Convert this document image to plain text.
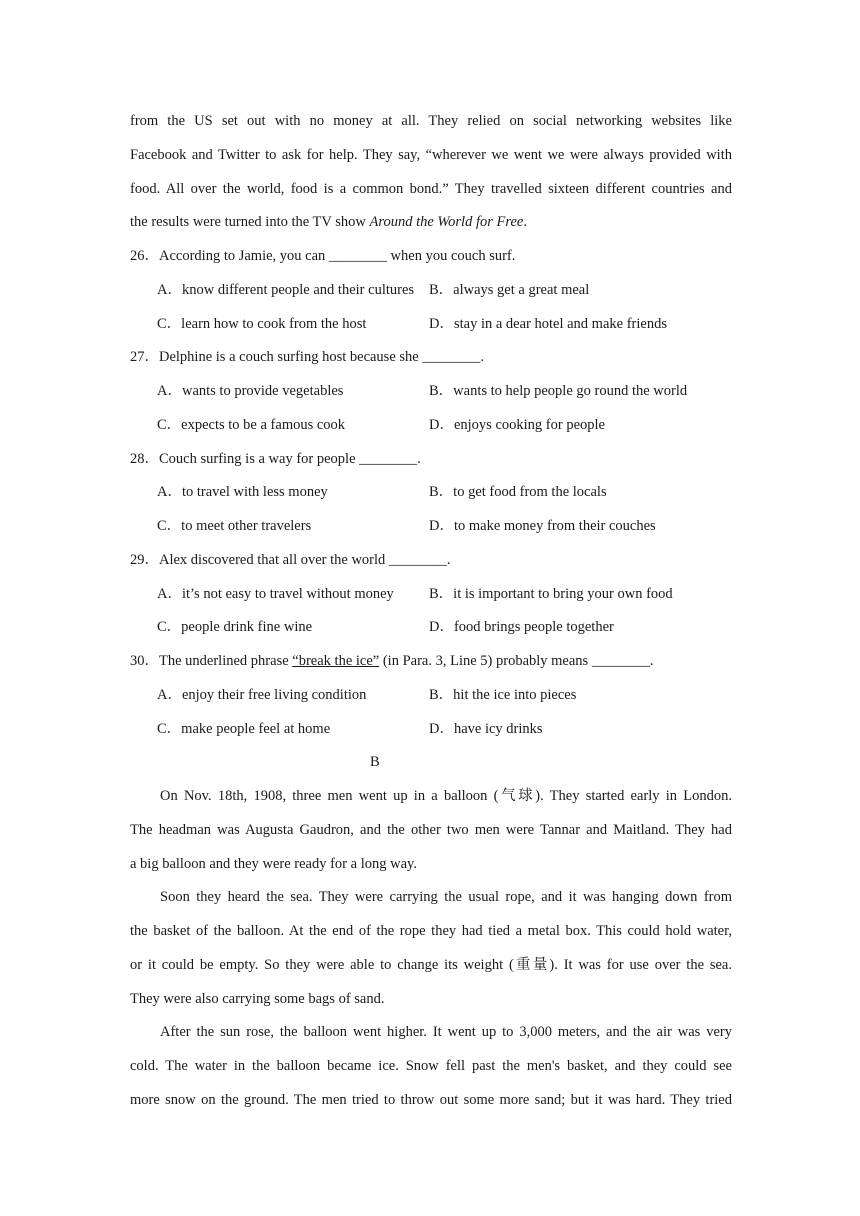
from the US set out with no money at all. They relied on social networking websites like
Facebook and Twitter to ask for help. They say, “wherever we went we were always provided with
food. All over the world, food is a common bond.” They travelled sixteen different countries and
the results were turned into the TV show Around the World for Free.
26．According to Jamie, you can ________ when you couch surf.
A．know different people and their cultures	B．always get a great meal
C．learn how to cook from the host	D．stay in a dear hotel and make friends
27．Delphine is a couch surfing host because she ________.
A．wants to provide vegetables	B．wants to help people go round the world
C．expects to be a famous cook	D．enjoys cooking for people
28．Couch surfing is a way for people ________.
A．to travel with less money	B．to get food from the locals
C．to meet other travelers	D．to make money from their couches
29．Alex discovered that all over the world ________.
A．it’s not easy to travel without money	B．it is important to bring your own food
C．people drink fine wine	D．food brings people together
30．The underlined phrase “break the ice” (in Para. 3, Line 5) probably means ________.
A．enjoy their free living condition	B．hit the ice into pieces
C．make people feel at home	D．have icy drinks
B
On Nov. 18th, 1908, three men went up in a balloon (气球). They started early in London.
The headman was Augusta Gaudron, and the other two men were Tannar and Maitland. They had
a big balloon and they were ready for a long way.
Soon they heard the sea. They were carrying the usual rope, and it was hanging down from
the basket of the balloon. At the end of the rope they had tied a metal box. This could hold water,
or it could be empty. So they were able to change its weight (重量). It was for use over the sea.
They were also carrying some bags of sand.
After the sun rose, the balloon went higher. It went up to 3,000 meters, and the air was very
cold. The water in the balloon became ice. Snow fell past the men's basket, and they could see
more snow on the ground. The men tried to throw out some more sand; but it was hard. They tried
